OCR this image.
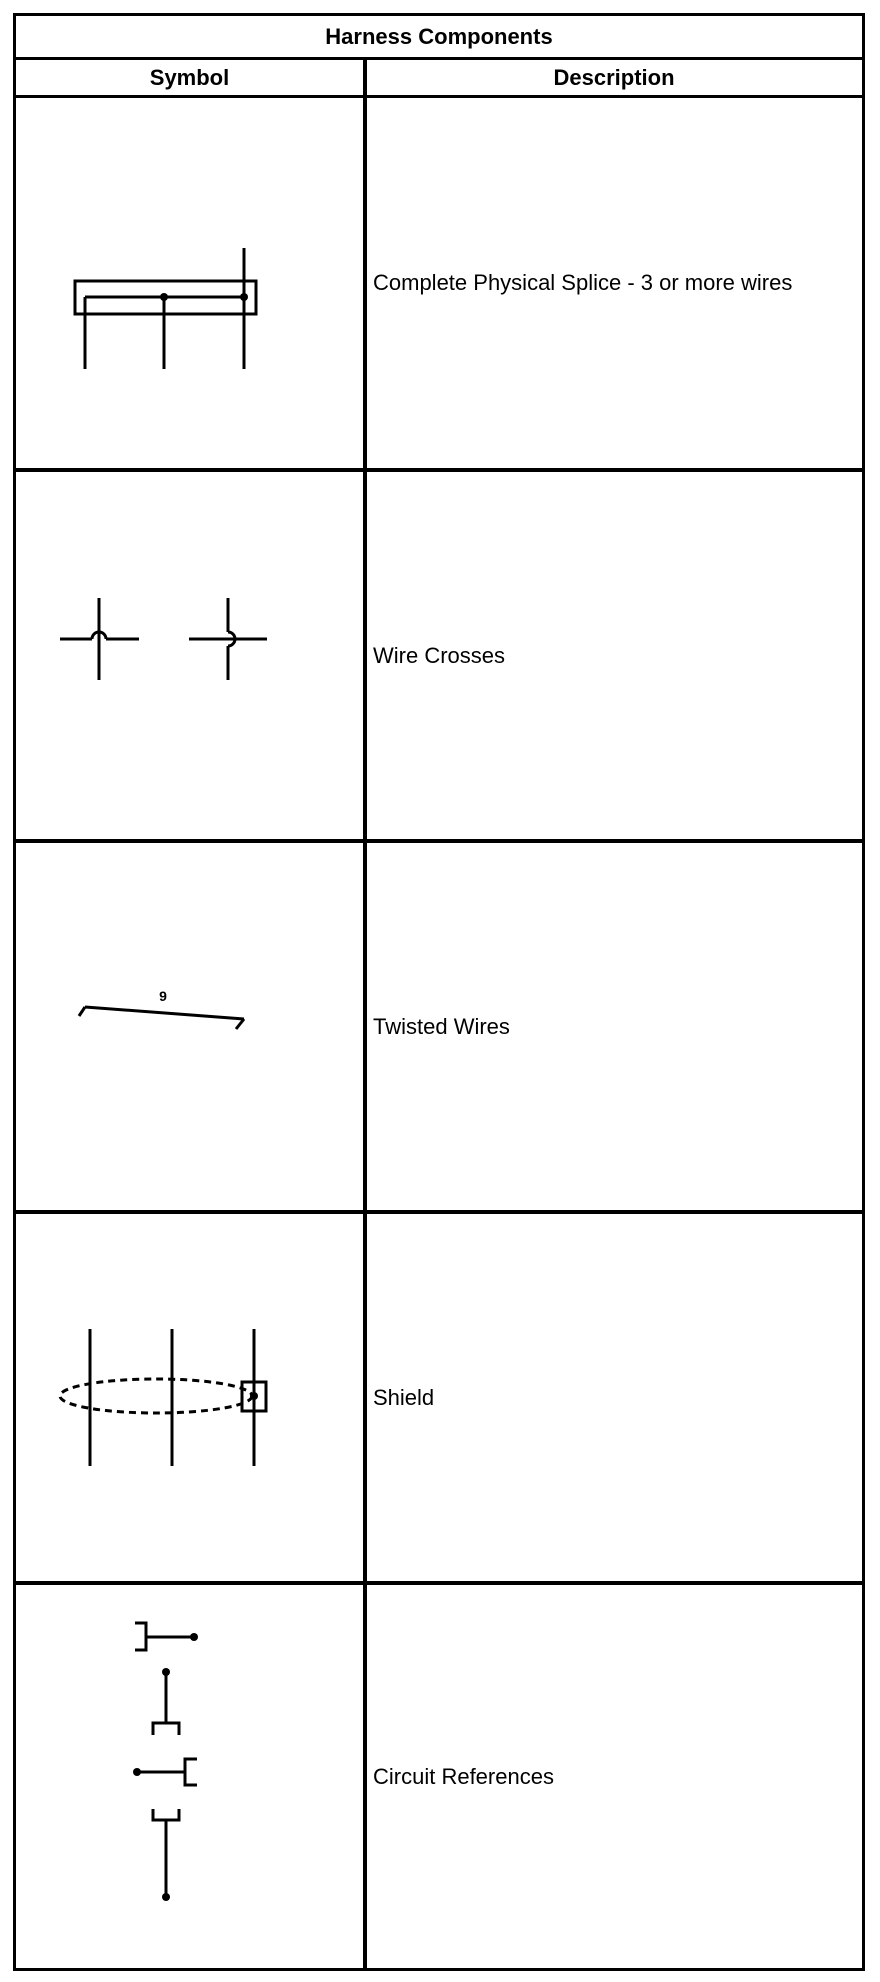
Harness Components
Symbol	Description
Complete Physical Splice - 3 or more wires
Wire Crosses
9
Twisted Wires
Shield
Circuit References
